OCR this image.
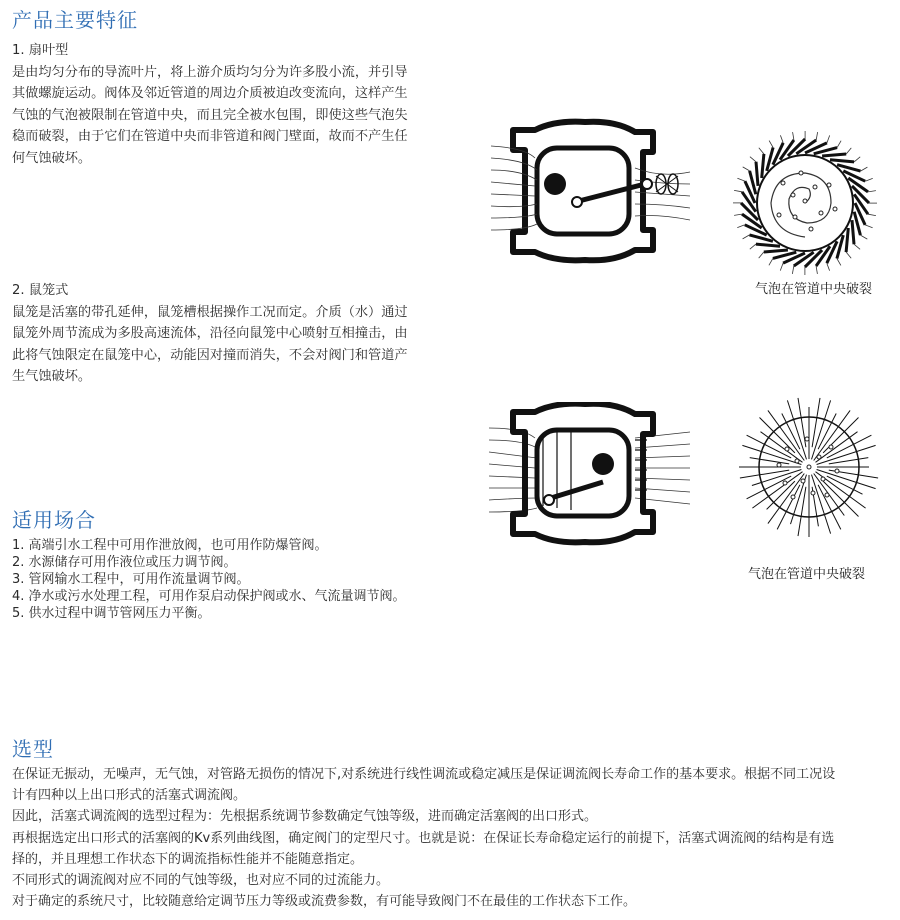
产品主要特征

1. 扇叶型

是由均匀分布的导流叶片，将上游介质均匀分为许多股小流，并引导

其做螺旋运动。阀体及邻近管道的周边介质被迫改变流向，这样产生

气蚀的气泡被限制在管道中央，而且完全被水包围，即使这些气泡失

稳而破裂，由于它们在管道中央而非管道和阀门壁面，故而不产生任

何气蚀破坏。

2. 鼠笼式

鼠笼是活塞的带孔延伸，鼠笼槽根据操作工况而定。介质（水）通过

鼠笼外周节流成为多股高速流体，沿径向鼠笼中心喷射互相撞击，由

此将气蚀限定在鼠笼中心，动能因对撞而消失，不会对阀门和管道产

生气蚀破坏。

气泡在管道中央破裂
气泡在管道中央破裂
适用场合
1. 高端引水工程中可用作泄放阀，也可用作防爆管阀。
2. 水源储存可用作液位或压力调节阀。
3. 管网输水工程中，可用作流量调节阀。
4. 净水或污水处理工程，可用作泵启动保护阀或水、气流量调节阀。
5. 供水过程中调节管网压力平衡。
选型

在保证无振动，无噪声，无气蚀，对管路无损伤的情况下,对系统进行线性调流或稳定减压是保证调流阀长寿命工作的基本要求。根据不同工况设

计有四种以上出口形式的活塞式调流阀。

因此，活塞式调流阀的选型过程为：先根据系统调节参数确定气蚀等级，进而确定活塞阀的出口形式。

再根据选定出口形式的活塞阀的Kv系列曲线图，确定阀门的定型尺寸。也就是说：在保证长寿命稳定运行的前提下，活塞式调流阀的结构是有选

择的，并且理想工作状态下的调流指标性能并不能随意指定。

不同形式的调流阀对应不同的气蚀等级，也对应不同的过流能力。

对于确定的系统尺寸，比较随意给定调节压力等级或流费参数，有可能导致阀门不在最佳的工作状态下工作。
